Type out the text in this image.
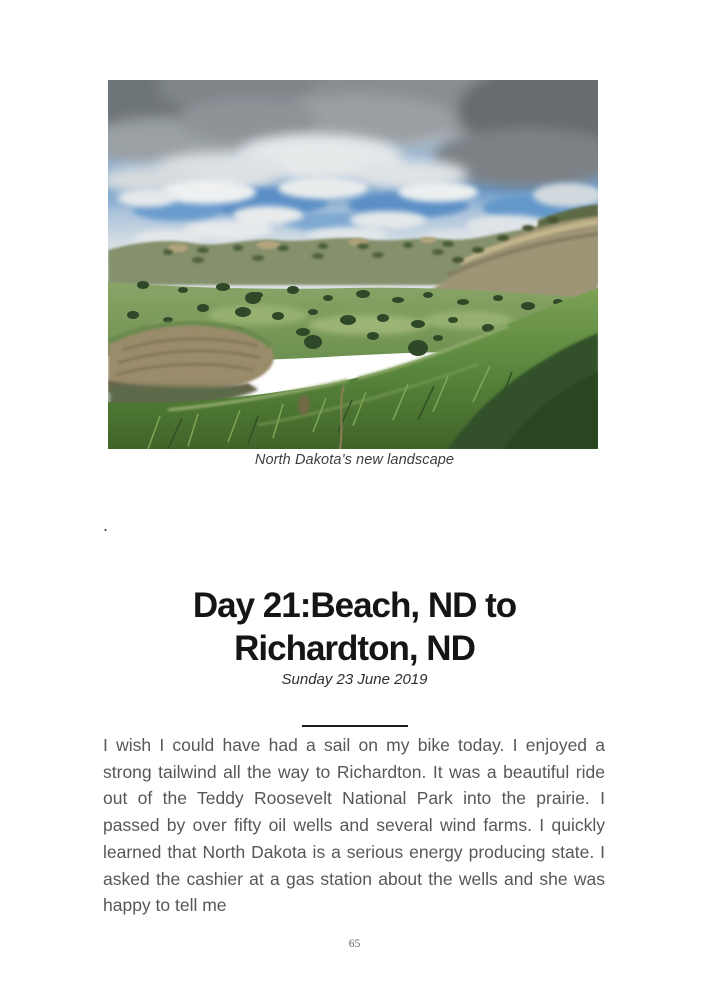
North Dakota’s new landscape
.
Day 21:Beach, ND to
Richardton, ND
Sunday 23 June 2019

I wish I could have had a sail on my bike today. I enjoyed a strong tailwind all the way to Richardton. It was a beautiful ride out of the Teddy Roosevelt National Park into the prairie. I passed by over fifty oil wells and several wind farms. I quickly learned that North Dakota is a serious energy producing state. I asked the cashier at a gas station about the wells and she was happy to tell me

65
